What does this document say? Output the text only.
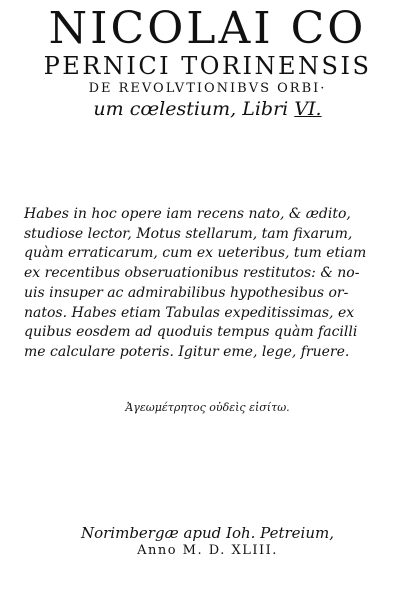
NICOLAI CO
PERNICI TORINENSIS
DE REVOLVTIONIBVS ORBI·
um cœlestium, Libri VI.
Habes in hoc opere iam recens nato, & ædito,
studiose lector, Motus stellarum, tam fixarum,
quàm erraticarum, cum ex ueteribus, tum etiam
ex recentibus obseruationibus restitutos: & no-
uis insuper ac admirabilibus hypothesibus or-
natos. Habes etiam Tabulas expeditissimas, ex
quibus eosdem ad quoduis tempus quàm facilli
me calculare poteris. Igitur eme, lege, fruere.
Ἀγεωμέτρητος οὐδεὶς εἰσίτω.
Norimbergæ apud Ioh. Petreium,
Anno M. D. XLIII.
